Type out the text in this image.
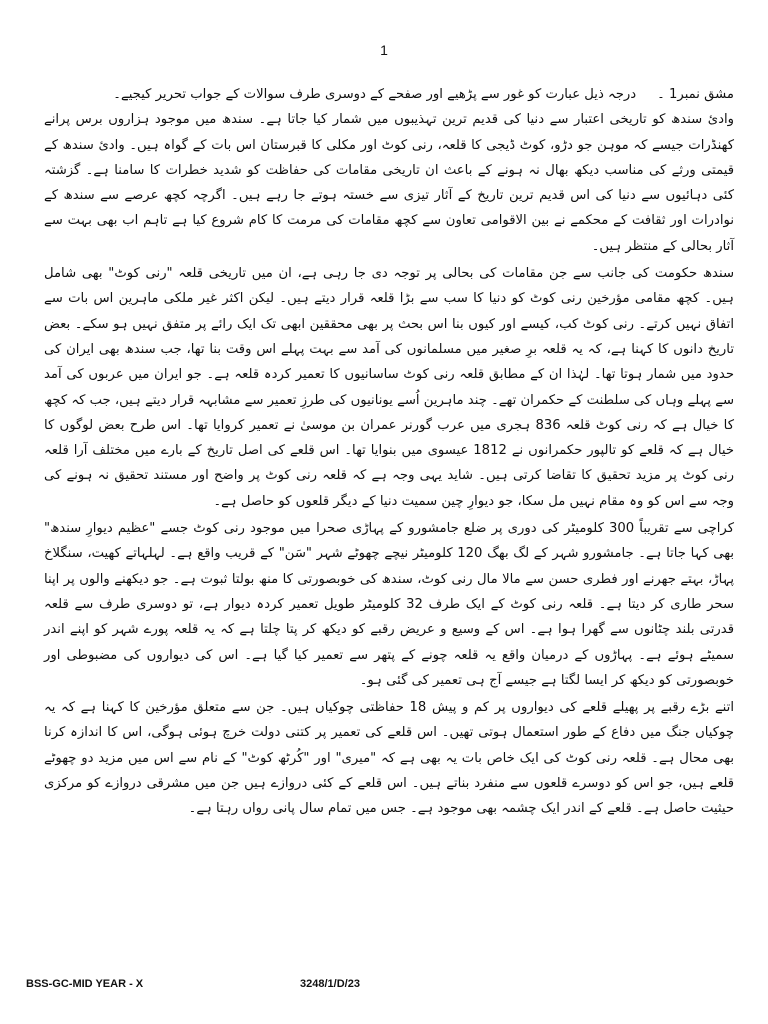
1

مشق نمبر1 ۔     درجہ ذیل عبارت کو غور سے پڑھیے اور صفحے کے دوسری طرف سوالات کے جواب تحریر کیجیے۔

وادیٔ سندھ کو تاریخی اعتبار سے دنیا کی قدیم ترین تہذیبوں میں شمار کیا جاتا ہے۔ سندھ میں موجود ہزاروں برس پرانے کھنڈرات جیسے کہ موہن جو دڑو، کوٹ ڈیجی کا قلعہ، رنی کوٹ اور مکلی کا قبرستان اس بات کے گواہ ہیں۔ وادیٔ سندھ کے قیمتی ورثے کی مناسب دیکھ بھال نہ ہونے کے باعث ان تاریخی مقامات کی حفاظت کو شدید خطرات کا سامنا ہے۔ گزشتہ کئی دہائیوں سے دنیا کی اس قدیم ترین تاریخ کے آثار تیزی سے خستہ ہوتے جا رہے ہیں۔ اگرچہ کچھ عرصے سے سندھ کے نوادرات اور ثقافت کے محکمے نے بین الاقوامی تعاون سے کچھ مقامات کی مرمت کا کام شروع کیا ہے تاہم اب بھی بہت سے آثار بحالی کے منتظر ہیں۔

سندھ حکومت کی جانب سے جن مقامات کی بحالی پر توجہ دی جا رہی ہے، ان میں تاریخی قلعہ "رنی کوٹ" بھی شامل ہیں۔ کچھ مقامی مؤرخین رنی کوٹ کو دنیا کا سب سے بڑا قلعہ قرار دیتے ہیں۔ لیکن اکثر غیر ملکی ماہرین اس بات سے اتفاق نہیں کرتے۔ رنی کوٹ کب، کیسے اور کیوں بنا اس بحث پر بھی محققین ابھی تک ایک رائے پر متفق نہیں ہو سکے۔ بعض تاریخ دانوں کا کہنا ہے، کہ یہ قلعہ برِ صغیر میں مسلمانوں کی آمد سے بہت پہلے اس وقت بنا تھا، جب سندھ بھی ایران کی حدود میں شمار ہوتا تھا۔ لہٰذا ان کے مطابق قلعہ رنی کوٹ ساسانیوں کا تعمیر کردہ قلعہ ہے۔ جو ایران میں عربوں کی آمد سے پہلے وہاں کی سلطنت کے حکمران تھے۔ چند ماہرین اُسے یونانیوں کی طرزِ تعمیر سے مشابہہ قرار دیتے ہیں، جب کہ کچھ کا خیال ہے کہ رنی کوٹ قلعہ 836 ہجری میں عرب گورنر عمران بن موسیٰ نے تعمیر کروایا تھا۔ اس طرح بعض لوگوں کا خیال ہے کہ قلعے کو تالپور حکمرانوں نے 1812 عیسوی میں بنوایا تھا۔ اس قلعے کی اصل تاریخ کے بارے میں مختلف آرا قلعہ رنی کوٹ پر مزید تحقیق کا تقاضا کرتی ہیں۔ شاید یہی وجہ ہے کہ قلعہ رنی کوٹ پر واضح اور مستند تحقیق نہ ہونے کی وجہ سے اس کو وہ مقام نہیں مل سکا، جو دیوارِ چین سمیت دنیا کے دیگر قلعوں کو حاصل ہے۔

کراچی سے تقریباً 300 کلومیٹر کی دوری پر ضلع جامشورو کے پہاڑی صحرا میں موجود رنی کوٹ جسے "عظیم دیوارِ سندھ" بھی کہا جاتا ہے۔ جامشورو شہر کے لگ بھگ 120 کلومیٹر نیچے چھوٹے شہر "سَن" کے قریب واقع ہے۔ لہلہاتے کھیت، سنگلاخ پہاڑ، بہتے جھرنے اور فطری حسن سے مالا مال رنی کوٹ، سندھ کی خوبصورتی کا منھ بولتا ثبوت ہے۔ جو دیکھنے والوں پر اپنا سحر طاری کر دیتا ہے۔ قلعہ رنی کوٹ کے ایک طرف 32 کلومیٹر طویل تعمیر کردہ دیوار ہے، تو دوسری طرف سے قلعہ قدرتی بلند چٹانوں سے گھرا ہوا ہے۔ اس کے وسیع و عریض رقبے کو دیکھ کر پتا چلتا ہے کہ یہ قلعہ پورے شہر کو اپنے اندر سمیٹے ہوئے ہے۔ پہاڑوں کے درمیان واقع یہ قلعہ چونے کے پتھر سے تعمیر کیا گیا ہے۔ اس کی دیواروں کی مضبوطی اور خوبصورتی کو دیکھ کر ایسا لگتا ہے جیسے آج ہی تعمیر کی گئی ہو۔

اتنے بڑے رقبے پر پھیلے قلعے کی دیواروں پر کم و پیش 18 حفاظتی چوکیاں ہیں۔ جن سے متعلق مؤرخین کا کہنا ہے کہ یہ چوکیاں جنگ میں دفاع کے طور استعمال ہوتی تھیں۔ اس قلعے کی تعمیر پر کتنی دولت خرچ ہوئی ہوگی، اس کا اندازہ کرنا بھی محال ہے۔ قلعہ رنی کوٹ کی ایک خاص بات یہ بھی ہے کہ "میری" اور "کُرٹھ کوٹ" کے نام سے اس میں مزید دو چھوٹے قلعے ہیں، جو اس کو دوسرے قلعوں سے منفرد بناتے ہیں۔ اس قلعے کے کئی دروازے ہیں جن میں مشرقی دروازے کو مرکزی حیثیت حاصل ہے۔ قلعے کے اندر ایک چشمہ بھی موجود ہے۔ جس میں تمام سال پانی رواں رہتا ہے۔

BSS-GC-MID YEAR - X	3248/1/D/23
